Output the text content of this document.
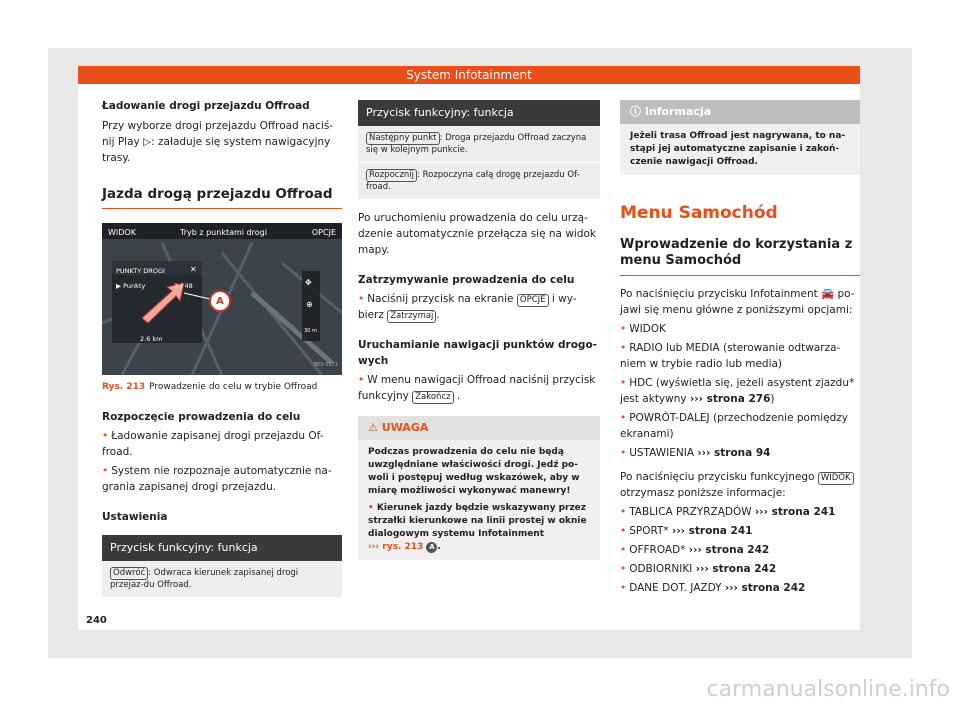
System Infotainment
Ładowanie drogi przejazdu Offroad

Przy wyborze drogi przejazdu Offroad naciś-nij Play ▷: załaduje się system nawigacyjny trasy.

Jazda drogą przejazdu Offroad
WIDOK	Tryb z punktami drogi	OPCJE
PUNKTY DROGI	✕
▶ Punkty	3 / 48
2.6 km
A
✥
⊕
30 m
BES-0171
Rys. 213 Prowadzenie do celu w trybie Offroad
Rozpoczęcie prowadzenia do celu
• Ładowanie zapisanej drogi przejazdu Of-froad.
• System nie rozpoznaje automatycznie na-grania zapisanej drogi przejazdu.
Ustawienia
Przycisk funkcyjny: funkcja
Odwróć : Odwraca kierunek zapisanej drogi przejaz-du Offroad.
Przycisk funkcyjny: funkcja
Następny punkt : Droga przejazdu Offroad zaczyna się w kolejnym punkcie.
Rozpocznij : Rozpoczyna całą drogę przejazdu Of-froad.

Po uruchomieniu prowadzenia do celu urzą-dzenie automatycznie przełącza się na widok mapy.

Zatrzymywanie prowadzenia do celu
• Naciśnij przycisk na ekranie OPCJE i wy-bierz Zatrzymaj .
Uruchamianie nawigacji punktów drogo-wych
• W menu nawigacji Offroad naciśnij przycisk funkcyjny Zakończ .
⚠ UWAGA
Podczas prowadzenia do celu nie będą uwzględniane właściwości drogi. Jedź po-woli i postępuj według wskazówek, aby w miarę możliwości wykonywać manewry!
• Kierunek jazdy będzie wskazywany przez strzałki kierunkowe na linii prostej w oknie dialogowym systemu Infotainment
››› rys. 213 A .
ⓘ Informacja
Jeżeli trasa Offroad jest nagrywana, to na-stąpi jej automatyczne zapisanie i zakoń-czenie nawigacji Offroad.
Menu Samochód
Wprowadzenie do korzystania z menu Samochód

Po naciśnięciu przycisku Infotainment 🚘 po-jawi się menu główne z poniższymi opcjami:

• WIDOK
• RADIO lub MEDIA (sterowanie odtwarza-niem w trybie radio lub media)
• HDC (wyświetla się, jeżeli asystent zjazdu* jest aktywny ››› strona 276)
• POWRÓT-DALEJ (przechodzenie pomiędzy ekranami)
• USTAWIENIA ››› strona 94

Po naciśnięciu przycisku funkcyjnego WIDOK otrzymasz poniższe informacje:

• TABLICA PRZYRZĄDÓW ››› strona 241
• SPORT* ››› strona 241
• OFFROAD* ››› strona 242
• ODBIORNIKI ››› strona 242
• DANE DOT. JAZDY ››› strona 242
240
carmanualsonline.info
